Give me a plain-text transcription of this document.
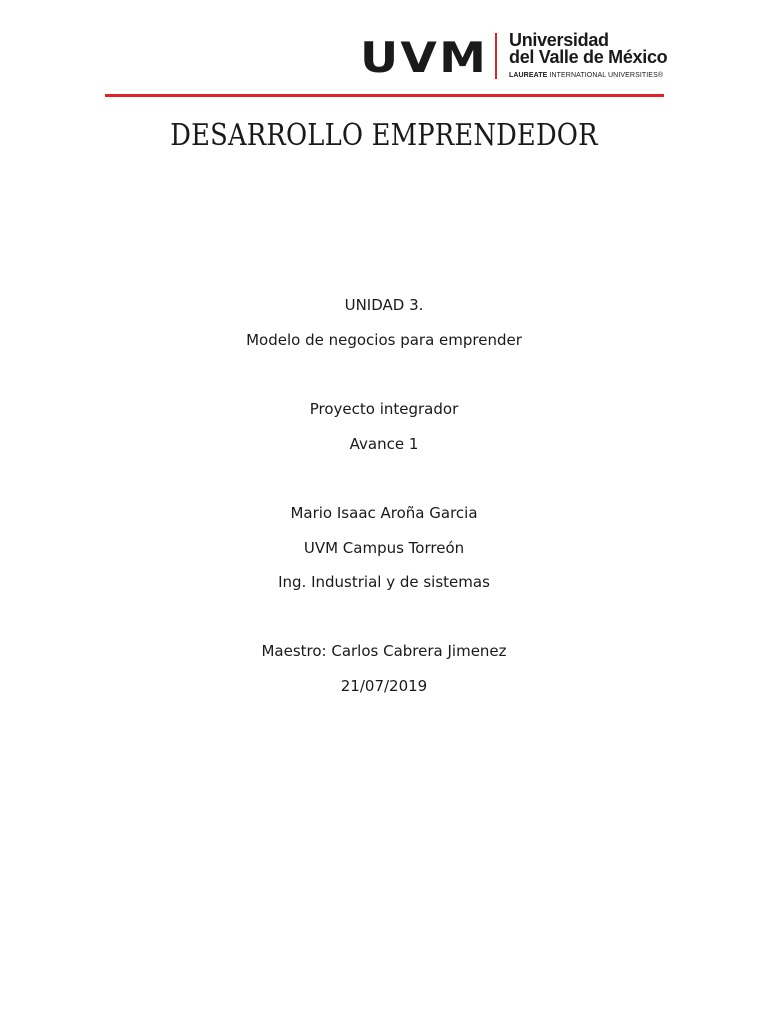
UVM Universidad
del Valle de México
LAUREATE INTERNATIONAL UNIVERSITIES®
DESARROLLO EMPRENDEDOR
UNIDAD 3.
Modelo de negocios para emprender
Proyecto integrador
Avance 1
Mario Isaac Aroña Garcia
UVM Campus Torreón
Ing. Industrial y de sistemas
Maestro: Carlos Cabrera Jimenez
21/07/2019
